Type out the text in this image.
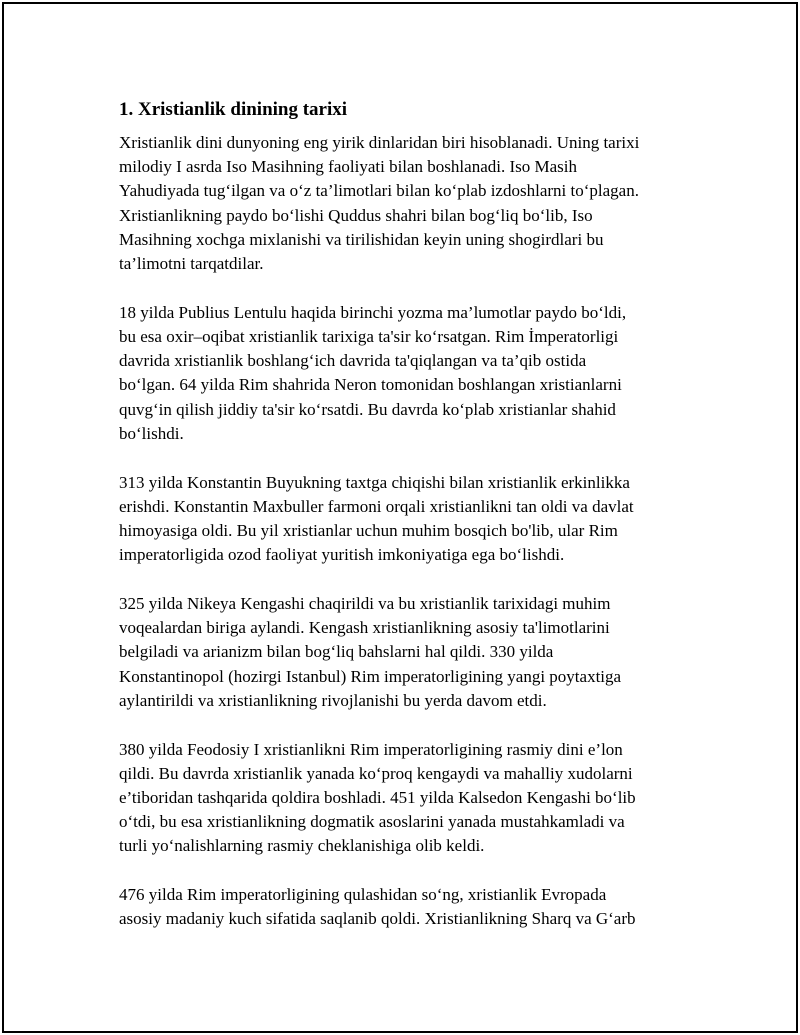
1. Xristianlik dinining tarixi

Xristianlik dini dunyoning eng yirik dinlaridan biri hisoblanadi. Uning tarixi
milodiy I asrda Iso Masihning faoliyati bilan boshlanadi. Iso Masih
Yahudiyada tug‘ilgan va o‘z ta’limotlari bilan ko‘plab izdoshlarni to‘plagan.
Xristianlikning paydo bo‘lishi Quddus shahri bilan bog‘liq bo‘lib, Iso
Masihning xochga mixlanishi va tirilishidan keyin uning shogirdlari bu
ta’limotni tarqatdilar.

18 yilda Publius Lentulu haqida birinchi yozma ma’lumotlar paydo bo‘ldi,
bu esa oxir–oqibat xristianlik tarixiga ta'sir ko‘rsatgan. Rim İmperatorligi
davrida xristianlik boshlang‘ich davrida ta'qiqlangan va ta’qib ostida
bo‘lgan. 64 yilda Rim shahrida Neron tomonidan boshlangan xristianlarni
quvg‘in qilish jiddiy ta'sir ko‘rsatdi. Bu davrda ko‘plab xristianlar shahid
bo‘lishdi.

313 yilda Konstantin Buyukning taxtga chiqishi bilan xristianlik erkinlikka
erishdi. Konstantin Maxbuller farmoni orqali xristianlikni tan oldi va davlat
himoyasiga oldi. Bu yil xristianlar uchun muhim bosqich bo'lib, ular Rim
imperatorligida ozod faoliyat yuritish imkoniyatiga ega bo‘lishdi.

325 yilda Nikeya Kengashi chaqirildi va bu xristianlik tarixidagi muhim
voqealardan biriga aylandi. Kengash xristianlikning asosiy ta'limotlarini
belgiladi va arianizm bilan bog‘liq bahslarni hal qildi. 330 yilda
Konstantinopol (hozirgi Istanbul) Rim imperatorligining yangi poytaxtiga
aylantirildi va xristianlikning rivojlanishi bu yerda davom etdi.

380 yilda Feodosiy I xristianlikni Rim imperatorligining rasmiy dini e’lon
qildi. Bu davrda xristianlik yanada ko‘proq kengaydi va mahalliy xudolarni
e’tiboridan tashqarida qoldira boshladi. 451 yilda Kalsedon Kengashi bo‘lib
o‘tdi, bu esa xristianlikning dogmatik asoslarini yanada mustahkamladi va
turli yo‘nalishlarning rasmiy cheklanishiga olib keldi.

476 yilda Rim imperatorligining qulashidan so‘ng, xristianlik Evropada
asosiy madaniy kuch sifatida saqlanib qoldi. Xristianlikning Sharq va G‘arb
